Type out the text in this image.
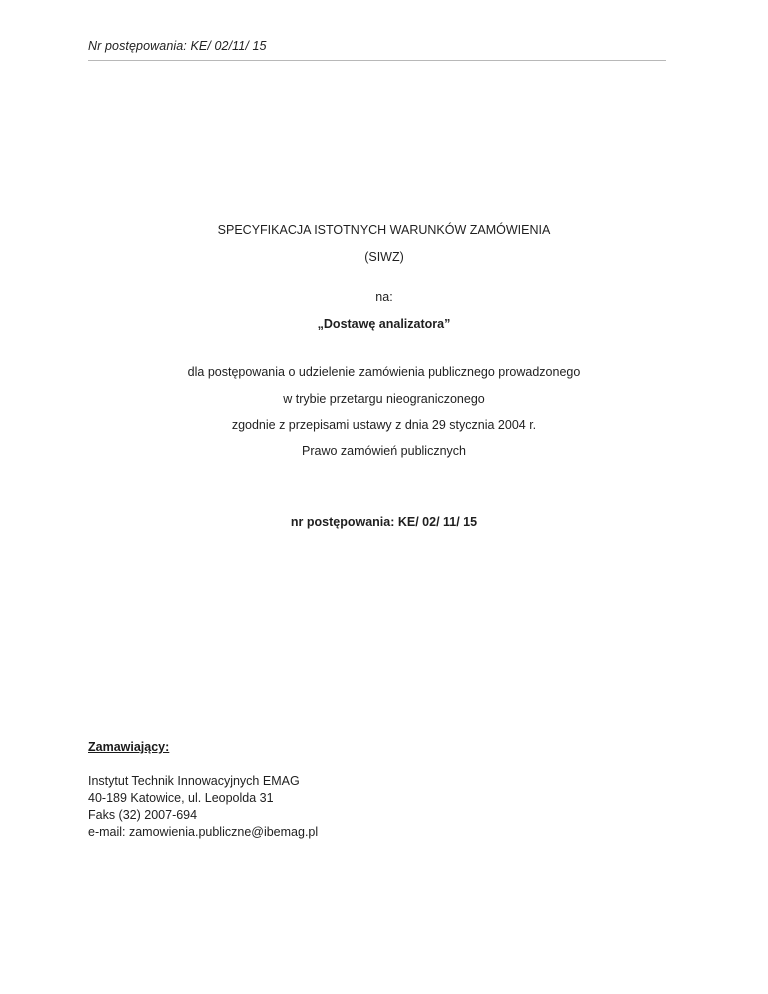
Nr postępowania: KE/ 02/11/ 15
SPECYFIKACJA ISTOTNYCH WARUNKÓW ZAMÓWIENIA
(SIWZ)
na:
„Dostawę analizatora”
dla postępowania o udzielenie zamówienia publicznego prowadzonego
w trybie przetargu nieograniczonego
zgodnie z przepisami ustawy z dnia 29 stycznia 2004 r.
Prawo zamówień publicznych
nr postępowania: KE/ 02/ 11/ 15
Zamawiający:
Instytut Technik Innowacyjnych EMAG
40-189 Katowice, ul. Leopolda 31
Faks (32) 2007-694
e-mail: zamowienia.publiczne@ibemag.pl
